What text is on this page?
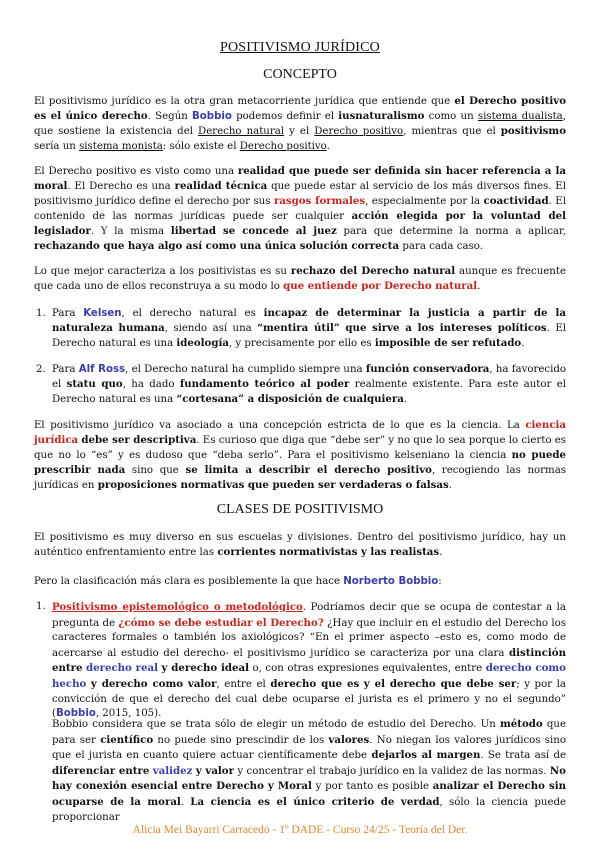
POSITIVISMO JURÍDICO
CONCEPTO
El positivismo jurídico es la otra gran metacorriente jurídica que entiende que el Derecho positivo es el único derecho. Según Bobbio podemos definir el iusnaturalismo como un sistema dualista, que sostiene la existencia del Derecho natural y el Derecho positivo, mientras que el positivismo sería un sistema monista: sólo existe el Derecho positivo.
El Derecho positivo es visto como una realidad que puede ser definida sin hacer referencia a la moral. El Derecho es una realidad técnica que puede estar al servicio de los más diversos fines. El positivismo jurídico define el derecho por sus rasgos formales, especialmente por la coactividad. El contenido de las normas jurídicas puede ser cualquier acción elegida por la voluntad del legislador. Y la misma libertad se concede al juez para que determine la norma a aplicar, rechazando que haya algo así como una única solución correcta para cada caso.
Lo que mejor caracteriza a los positivistas es su rechazo del Derecho natural aunque es frecuente que cada uno de ellos reconstruya a su modo lo que entiende por Derecho natural.
1. Para Kelsen, el derecho natural es incapaz de determinar la justicia a partir de la naturaleza humana, siendo así una “mentira útil” que sirve a los intereses políticos. El Derecho natural es una ideología, y precisamente por ello es imposible de ser refutado.
2. Para Alf Ross, el Derecho natural ha cumplido siempre una función conservadora, ha favorecido el statu quo, ha dado fundamento teórico al poder realmente existente. Para este autor el Derecho natural es una “cortesana” a disposición de cualquiera.
El positivismo jurídico va asociado a una concepción estricta de lo que es la ciencia. La ciencia jurídica debe ser descriptiva. Es curioso que diga que “debe ser” y no que lo sea porque lo cierto es que no lo “es” y es dudoso que “deba serlo”. Para el positivismo kelseniano la ciencia no puede prescribir nada sino que se limita a describir el derecho positivo, recogiendo las normas jurídicas en proposiciones normativas que pueden ser verdaderas o falsas.
CLASES DE POSITIVISMO
El positivismo es muy diverso en sus escuelas y divisiones. Dentro del positivismo jurídico, hay un auténtico enfrentamiento entre las corrientes normativistas y las realistas.
Pero la clasificación más clara es posiblemente la que hace Norberto Bobbio:
1. Positivismo epistemológico o metodológico. Podríamos decir que se ocupa de contestar a la pregunta de ¿cómo se debe estudiar el Derecho? ¿Hay que incluir en el estudio del Derecho los caracteres formales o también los axiológicos? “En el primer aspecto –esto es, como modo de acercarse al estudio del derecho- el positivismo jurídico se caracteriza por una clara distinción entre derecho real y derecho ideal o, con otras expresiones equivalentes, entre derecho como hecho y derecho como valor, entre el derecho que es y el derecho que debe ser; y por la convicción de que el derecho del cual debe ocuparse el jurista es el primero y no el segundo” (Bobbio, 2015, 105).
Bobbio considera que se trata sólo de elegir un método de estudio del Derecho. Un método que para ser científico no puede sino prescindir de los valores. No niegan los valores jurídicos sino que el jurista en cuanto quiere actuar científicamente debe dejarlos al margen. Se trata así de diferenciar entre validez y valor y concentrar el trabajo jurídico en la validez de las normas. No hay conexión esencial entre Derecho y Moral y por tanto es posible analizar el Derecho sin ocuparse de la moral. La ciencia es el único criterio de verdad, sólo la ciencia puede proporcionar
Alicia Mei Bayarri Carracedo - 1º DADE - Curso 24/25 - Teoría del Der.
